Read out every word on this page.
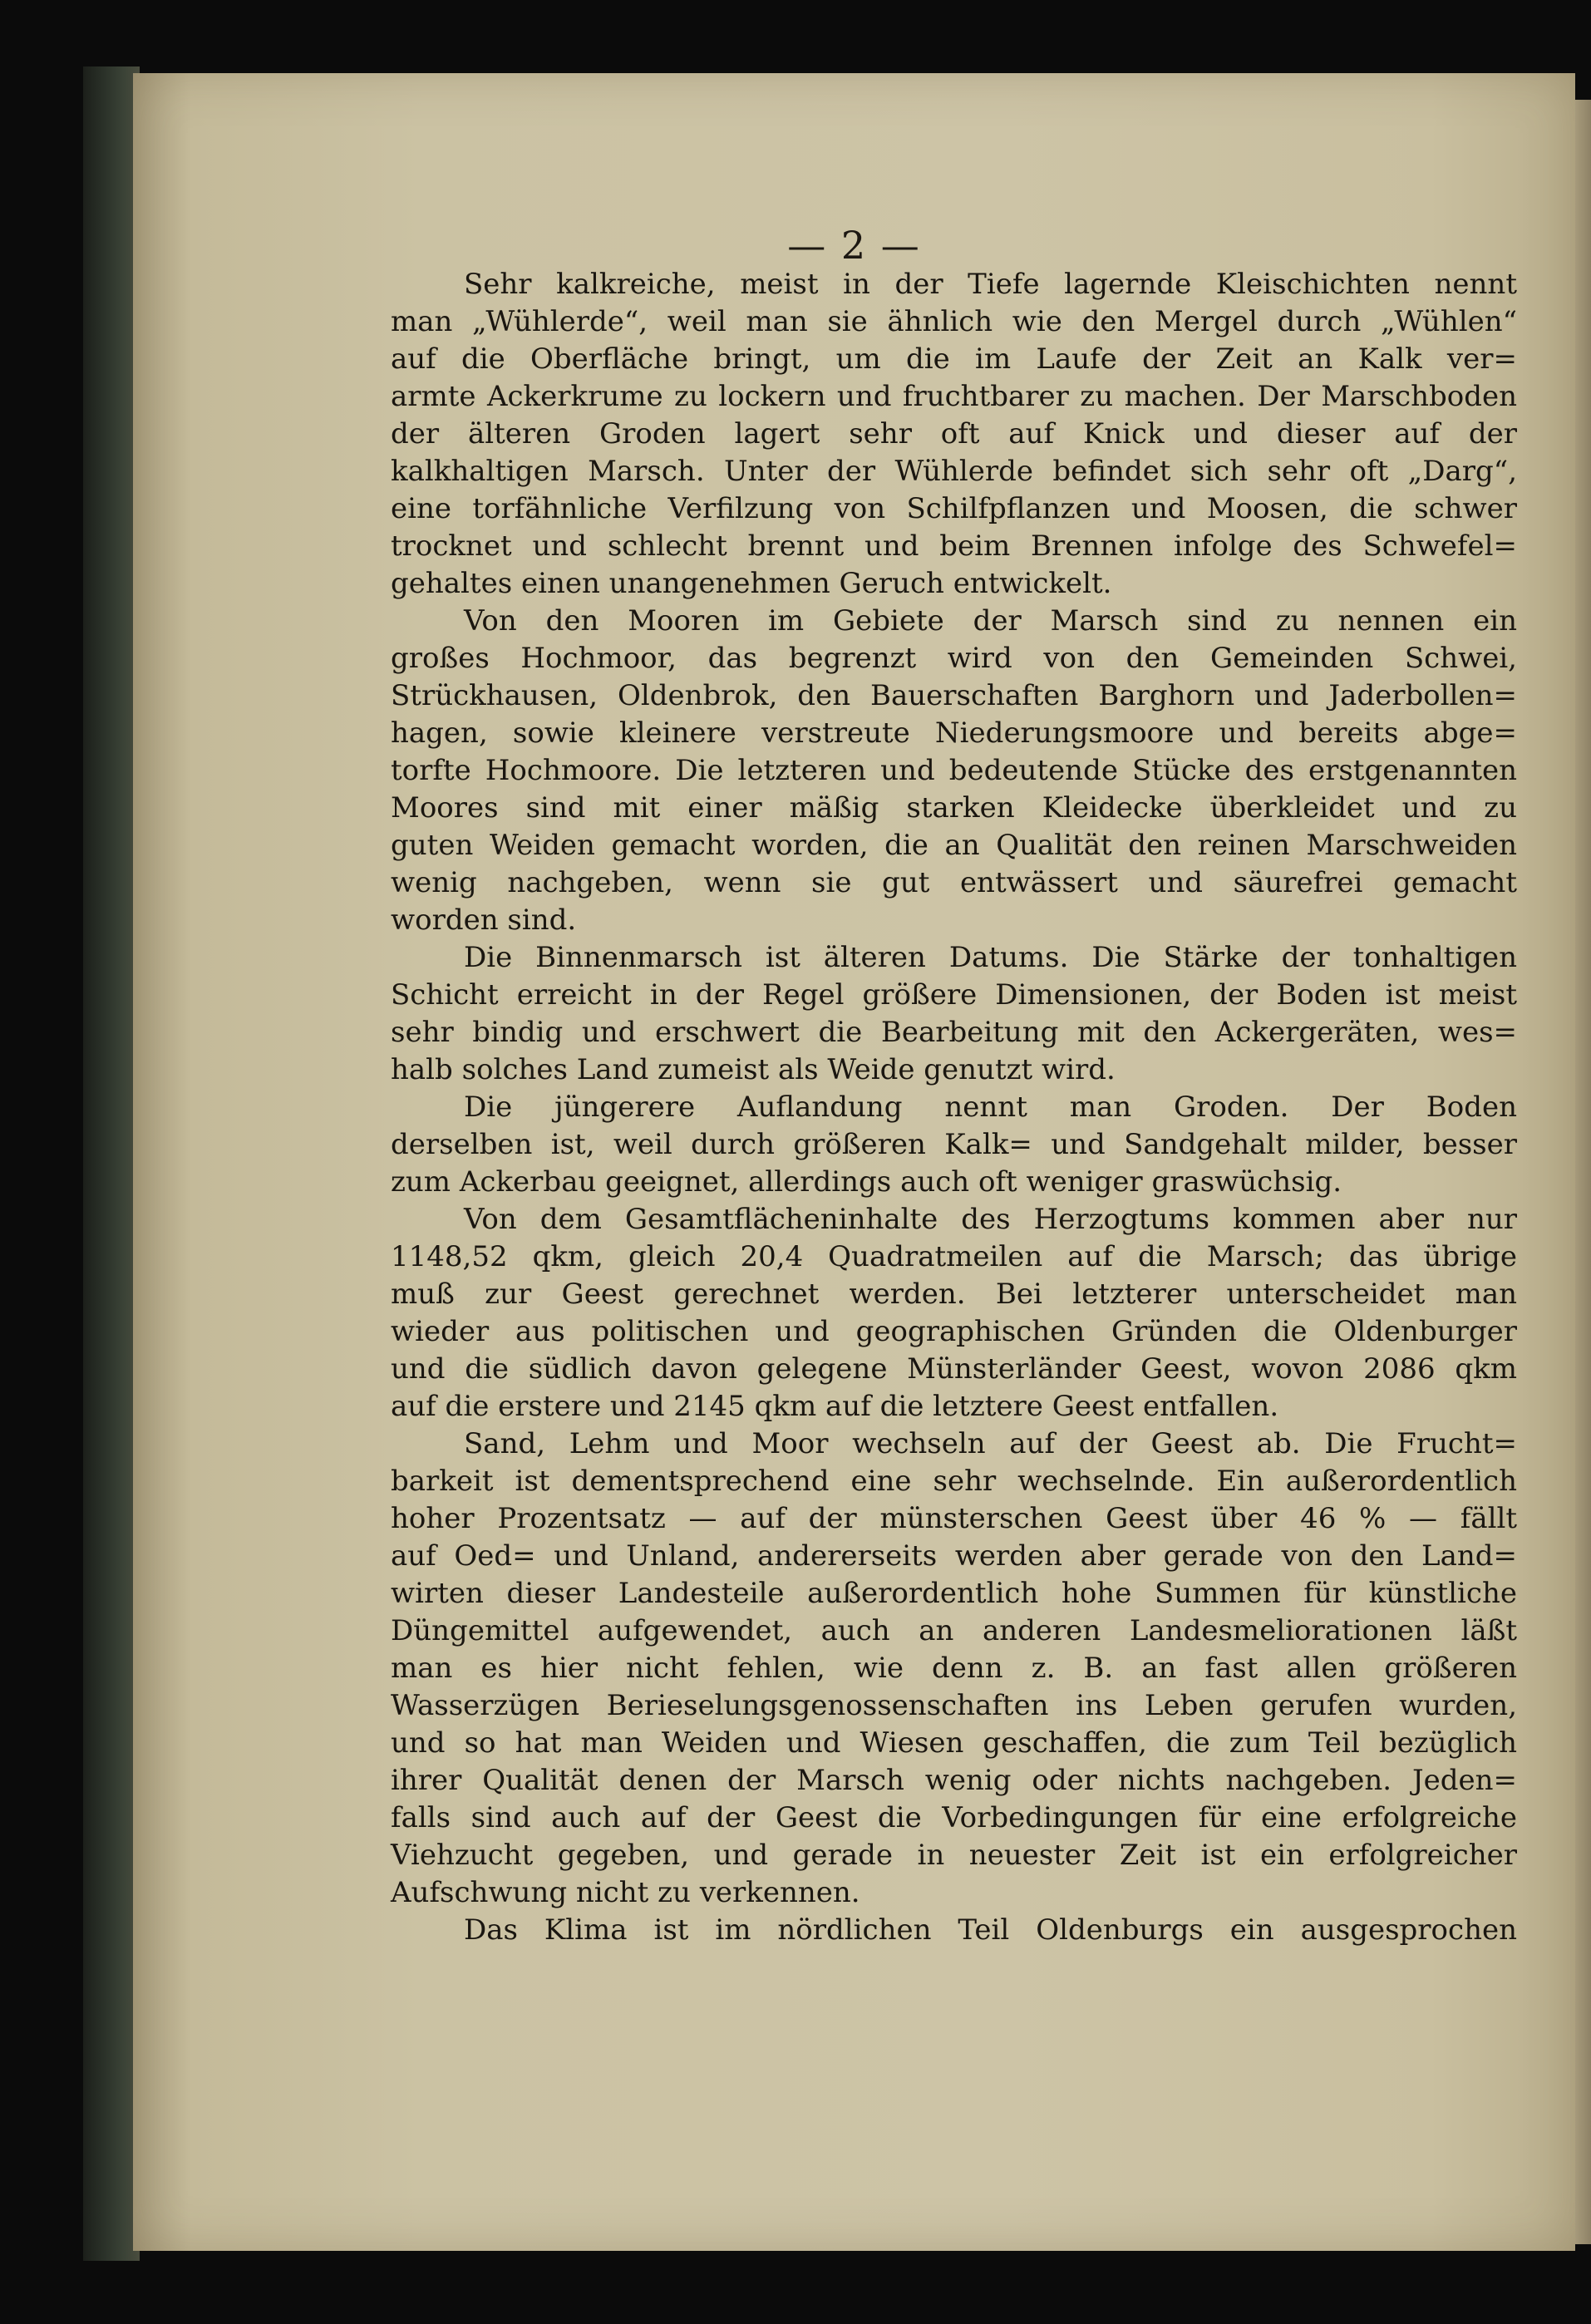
— 2 —
Sehr kalkreiche, meist in der Tiefe lagernde Kleischichten nennt
man „Wühlerde“, weil man sie ähnlich wie den Mergel durch „Wühlen“
auf die Oberfläche bringt, um die im Laufe der Zeit an Kalk ver=
armte Ackerkrume zu lockern und fruchtbarer zu machen. Der Marschboden
der älteren Groden lagert sehr oft auf Knick und dieser auf der
kalkhaltigen Marsch. Unter der Wühlerde befindet sich sehr oft „Darg“,
eine torfähnliche Verfilzung von Schilfpflanzen und Moosen, die schwer
trocknet und schlecht brennt und beim Brennen infolge des Schwefel=
gehaltes einen unangenehmen Geruch entwickelt.
Von den Mooren im Gebiete der Marsch sind zu nennen ein
großes Hochmoor, das begrenzt wird von den Gemeinden Schwei,
Strückhausen, Oldenbrok, den Bauerschaften Barghorn und Jaderbollen=
hagen, sowie kleinere verstreute Niederungsmoore und bereits abge=
torfte Hochmoore. Die letzteren und bedeutende Stücke des erstgenannten
Moores sind mit einer mäßig starken Kleidecke überkleidet und zu
guten Weiden gemacht worden, die an Qualität den reinen Marschweiden
wenig nachgeben, wenn sie gut entwässert und säurefrei gemacht
worden sind.
Die Binnenmarsch ist älteren Datums. Die Stärke der tonhaltigen
Schicht erreicht in der Regel größere Dimensionen, der Boden ist meist
sehr bindig und erschwert die Bearbeitung mit den Ackergeräten, wes=
halb solches Land zumeist als Weide genutzt wird.
Die jüngerere Auflandung nennt man Groden. Der Boden
derselben ist, weil durch größeren Kalk= und Sandgehalt milder, besser
zum Ackerbau geeignet, allerdings auch oft weniger graswüchsig.
Von dem Gesamtflächeninhalte des Herzogtums kommen aber nur
1148,52 qkm, gleich 20,4 Quadratmeilen auf die Marsch; das übrige
muß zur Geest gerechnet werden. Bei letzterer unterscheidet man
wieder aus politischen und geographischen Gründen die Oldenburger
und die südlich davon gelegene Münsterländer Geest, wovon 2086 qkm
auf die erstere und 2145 qkm auf die letztere Geest entfallen.
Sand, Lehm und Moor wechseln auf der Geest ab. Die Frucht=
barkeit ist dementsprechend eine sehr wechselnde. Ein außerordentlich
hoher Prozentsatz — auf der münsterschen Geest über 46 % — fällt
auf Oed= und Unland, andererseits werden aber gerade von den Land=
wirten dieser Landesteile außerordentlich hohe Summen für künstliche
Düngemittel aufgewendet, auch an anderen Landesmeliorationen läßt
man es hier nicht fehlen, wie denn z. B. an fast allen größeren
Wasserzügen Berieselungsgenossenschaften ins Leben gerufen wurden,
und so hat man Weiden und Wiesen geschaffen, die zum Teil bezüglich
ihrer Qualität denen der Marsch wenig oder nichts nachgeben. Jeden=
falls sind auch auf der Geest die Vorbedingungen für eine erfolgreiche
Viehzucht gegeben, und gerade in neuester Zeit ist ein erfolgreicher
Aufschwung nicht zu verkennen.
Das Klima ist im nördlichen Teil Oldenburgs ein ausgesprochen
